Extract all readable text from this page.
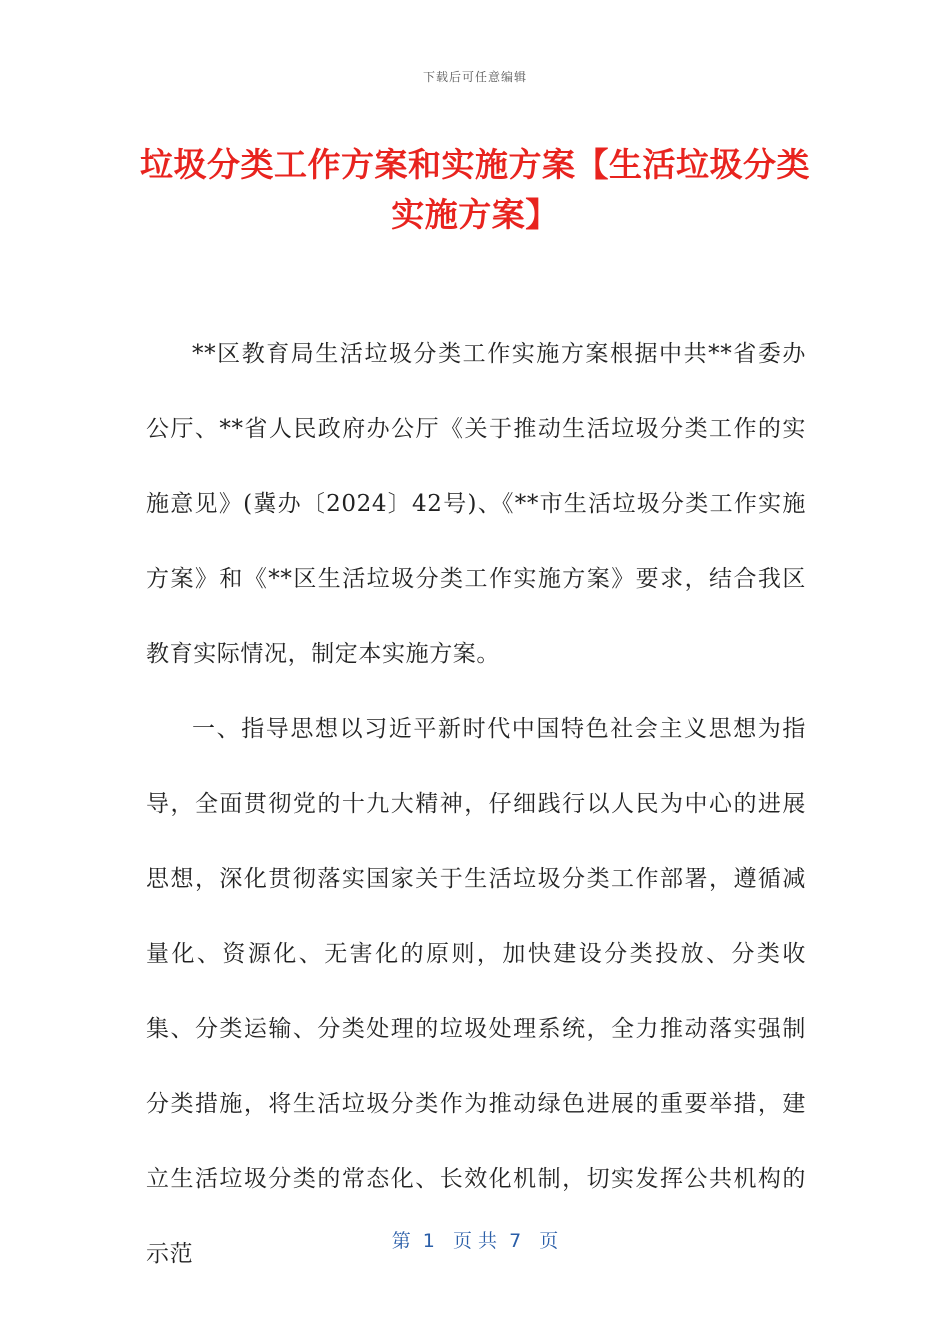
下载后可任意编辑
垃圾分类工作方案和实施方案【生活垃圾分类实施方案】

**区教育局生活垃圾分类工作实施方案根据中共**省委办公厅、**省人民政府办公厅《关于推动生活垃圾分类工作的实施意见》(冀办〔2024〕42号)、《**市生活垃圾分类工作实施方案》和《**区生活垃圾分类工作实施方案》要求，结合我区教育实际情况，制定本实施方案。

一、指导思想以习近平新时代中国特色社会主义思想为指导，全面贯彻党的十九大精神，仔细践行以人民为中心的进展思想，深化贯彻落实国家关于生活垃圾分类工作部署，遵循减量化、资源化、无害化的原则，加快建设分类投放、分类收集、分类运输、分类处理的垃圾处理系统，全力推动落实强制分类措施，将生活垃圾分类作为推动绿色进展的重要举措，建立生活垃圾分类的常态化、长效化机制，切实发挥公共机构的示范	第  1   页 共  7   页
